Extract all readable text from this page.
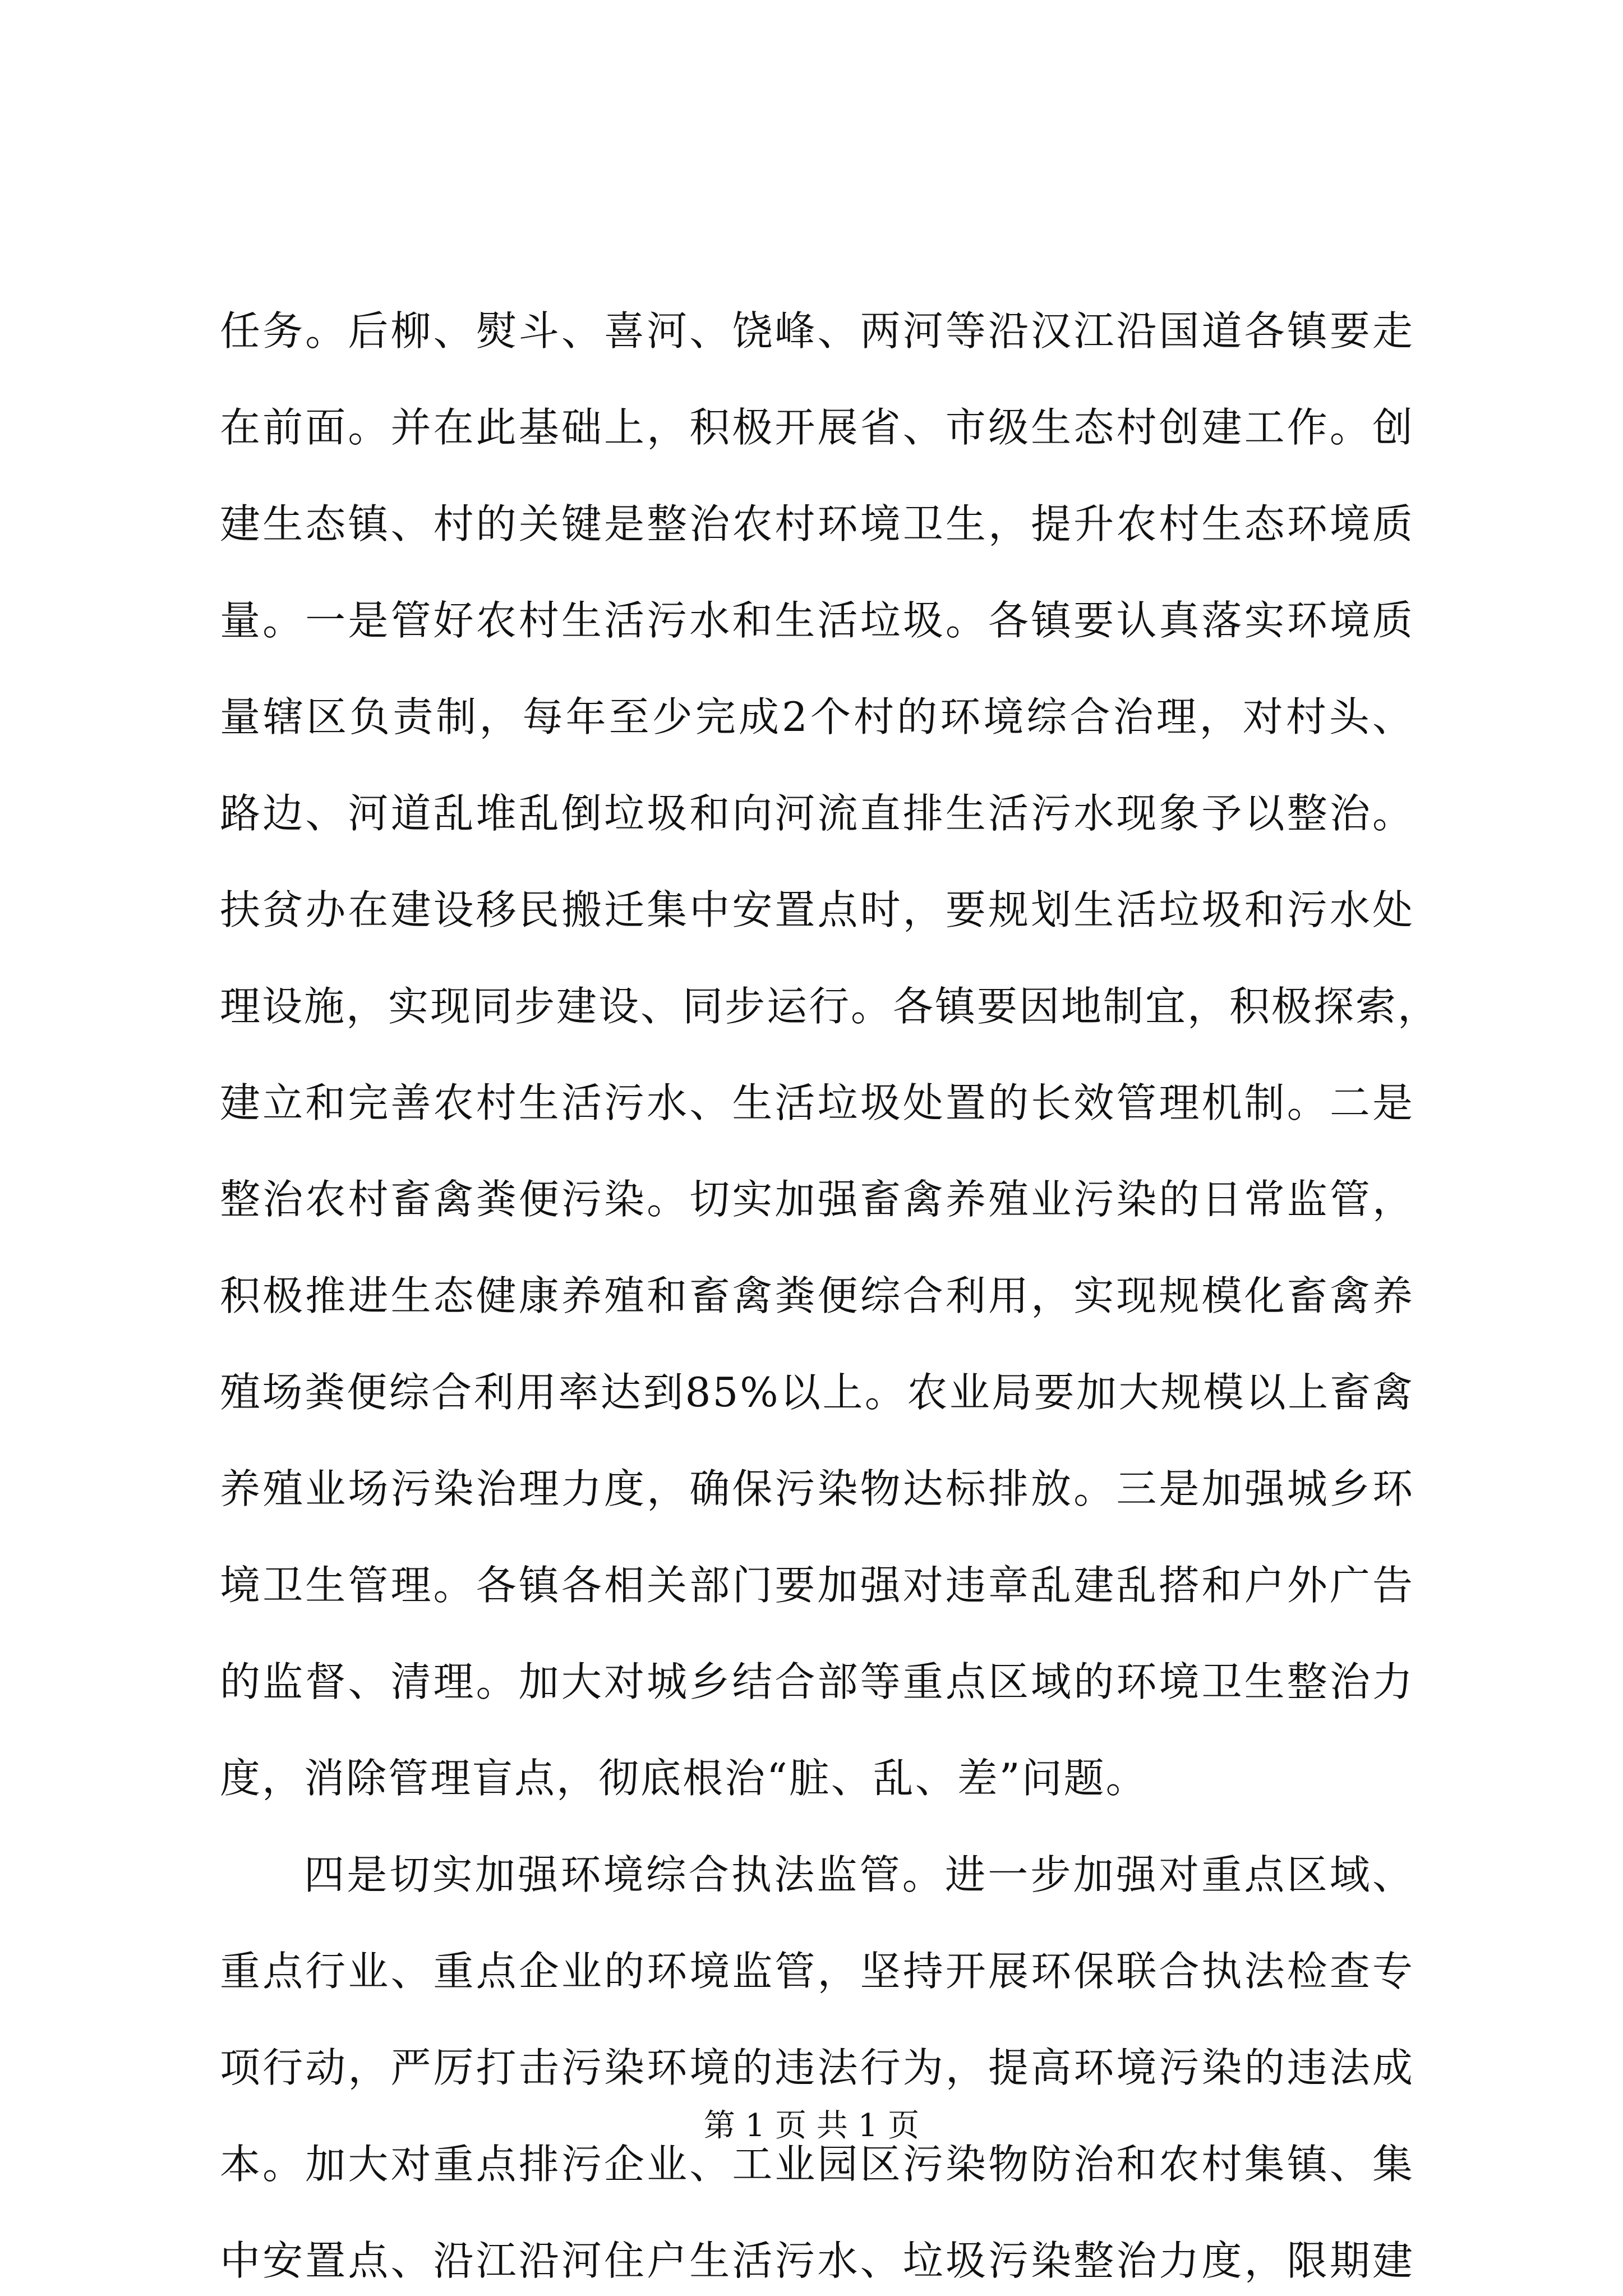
任务。后柳、熨斗、喜河、饶峰、两河等沿汉江沿国道各镇要走
在前面。并在此基础上，积极开展省、市级生态村创建工作。创
建生态镇、村的关键是整治农村环境卫生，提升农村生态环境质
量。一是管好农村生活污水和生活垃圾。各镇要认真落实环境质
量辖区负责制，每年至少完成2个村的环境综合治理，对村头、
路边、河道乱堆乱倒垃圾和向河流直排生活污水现象予以整治。
扶贫办在建设移民搬迁集中安置点时，要规划生活垃圾和污水处
理设施，实现同步建设、同步运行。各镇要因地制宜，积极探索，
建立和完善农村生活污水、生活垃圾处置的长效管理机制。二是
整治农村畜禽粪便污染。切实加强畜禽养殖业污染的日常监管，
积极推进生态健康养殖和畜禽粪便综合利用，实现规模化畜禽养
殖场粪便综合利用率达到85%以上。农业局要加大规模以上畜禽
养殖业场污染治理力度，确保污染物达标排放。三是加强城乡环
境卫生管理。各镇各相关部门要加强对违章乱建乱搭和户外广告
的监督、清理。加大对城乡结合部等重点区域的环境卫生整治力
度，消除管理盲点，彻底根治“脏、乱、差”问题。
四是切实加强环境综合执法监管。进一步加强对重点区域、
重点行业、重点企业的环境监管，坚持开展环保联合执法检查专
项行动，严厉打击污染环境的违法行为，提高环境污染的违法成
本。加大对重点排污企业、工业园区污染物防治和农村集镇、集
中安置点、沿江沿河住户生活污水、垃圾污染整治力度，限期建
第 1 页 共 1 页
